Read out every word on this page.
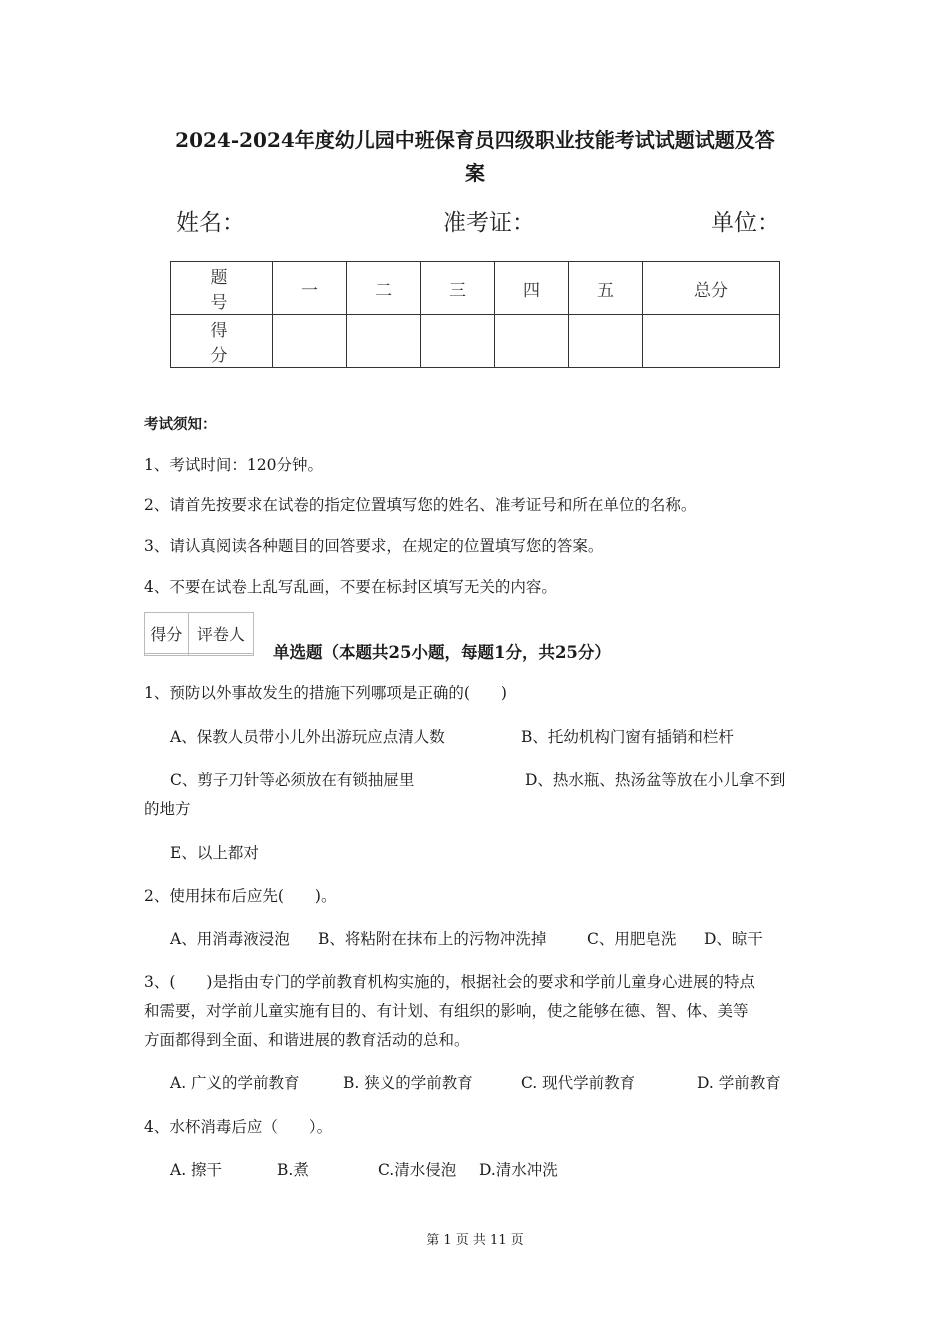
2024-2024年度幼儿园中班保育员四级职业技能考试试题试题及答
案
姓名：	准考证：	单位：
题　号	一	二	三	四	五	总分
得　分						
考试须知：
1、考试时间：120分钟。
2、请首先按要求在试卷的指定位置填写您的姓名、准考证号和所在单位的名称。
3、请认真阅读各种题目的回答要求，在规定的位置填写您的答案。
4、不要在试卷上乱写乱画，不要在标封区填写无关的内容。
得分	评卷人

单选题（本题共25小题，每题1分，共25分）
1、预防以外事故发生的措施下列哪项是正确的(　　)
A、保教人员带小儿外出游玩应点清人数	B、托幼机构门窗有插销和栏杆
C、剪子刀针等必须放在有锁抽屉里	D、热水瓶、热汤盆等放在小儿拿不到
的地方
E、以上都对
2、使用抹布后应先(　　)。
A、用消毒液浸泡 B、将粘附在抹布上的污物冲洗掉	C、用肥皂洗 D、晾干
3、(　　)是指由专门的学前教育机构实施的，根据社会的要求和学前儿童身心进展的特点
和需要，对学前儿童实施有目的、有计划、有组织的影响，使之能够在德、智、体、美等
方面都得到全面、和谐进展的教育活动的总和。
A. 广义的学前教育	B. 狭义的学前教育	C. 现代学前教育	D. 学前教育
4、水杯消毒后应（　　）。
A. 擦干	B.煮	C.清水侵泡 D.清水冲洗
第 1 页 共 11 页
